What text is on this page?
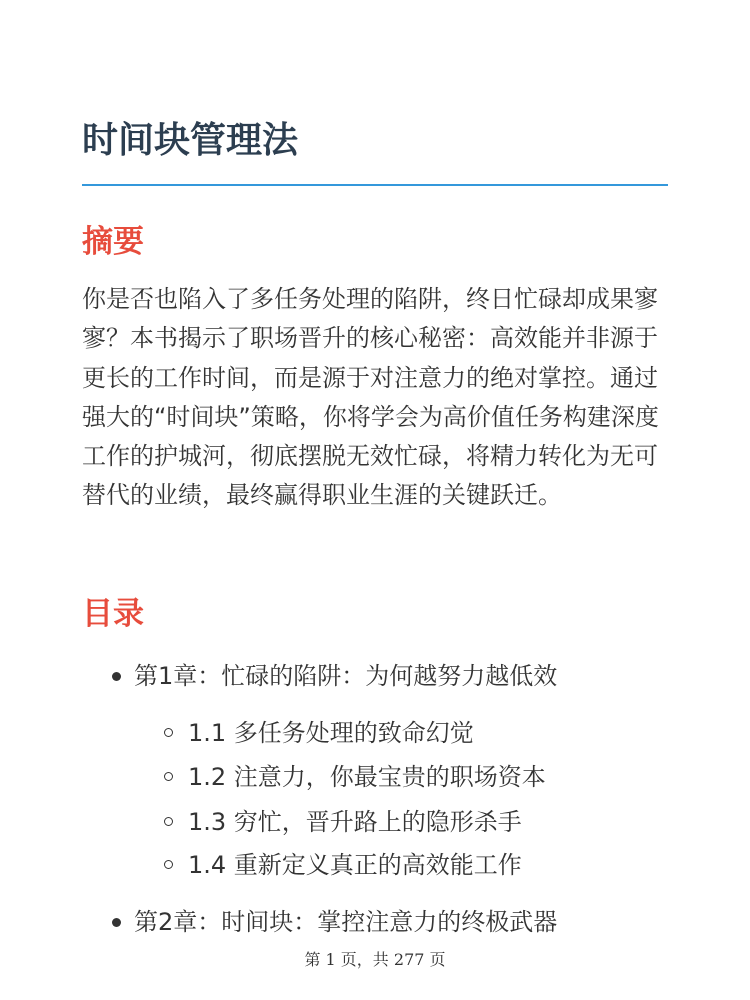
时间块管理法
摘要

你是否也陷入了多任务处理的陷阱，终日忙碌却成果寥寥？本书揭示了职场晋升的核心秘密：高效能并非源于更长的工作时间，而是源于对注意力的绝对掌控。通过强大的“时间块”策略，你将学会为高价值任务构建深度工作的护城河，彻底摆脱无效忙碌，将精力转化为无可替代的业绩，最终赢得职业生涯的关键跃迁。

目录
第1章：忙碌的陷阱：为何越努力越低效
1.1 多任务处理的致命幻觉
1.2 注意力，你最宝贵的职场资本
1.3 穷忙，晋升路上的隐形杀手
1.4 重新定义真正的高效能工作
第2章：时间块：掌控注意力的终极武器
第 1 页，共 277 页
